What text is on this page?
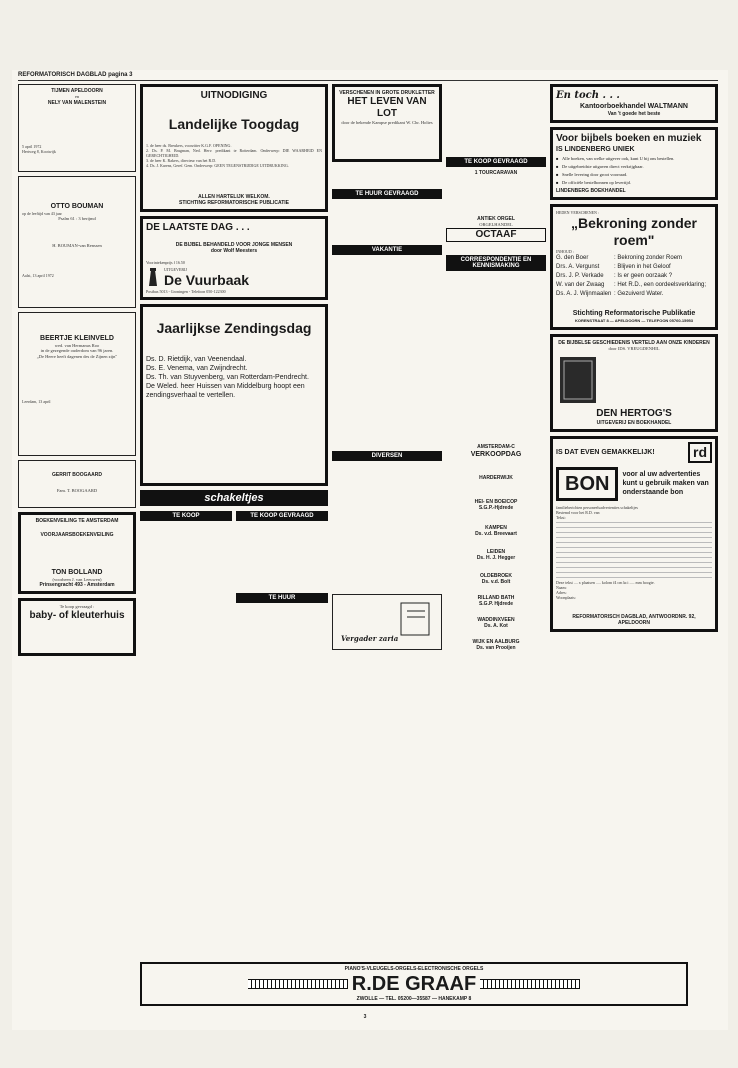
REFORMATORISCH DAGBLAD pagina 3
TIJMEN APELDOORN
en
NELY VAN MALENSTEIN
5 april 1972
Hertweg 8, Kootwijk
OTTO BOUMAN
op de leeftijd van 43 jaar
Psalm 61 : 3 berijmd
H. BOUMAN-van Renssen
Aalst, 13 april 1972
BEERTJE KLEINVELD
wed. van Hermanus Roo
in de gezegende ouderdom van 96 jaren.
„De Heere heeft dagenen des de Zijnen zijn"
Leerdam, 13 april
GERRIT BOOGAARD
Fam. T. BOOGAARD
BOEKENVEILING TE AMSTERDAM
VOORJAARSBOEKENVEILING
TON BOLLAND
(voorheen J. van Leeuwen)
Prinsengracht 493 - Amsterdam
Te koop gevraagd :
baby- of kleuterhuis
UITNODIGING
Landelijke Toogdag
1. de heer ds. Breukers, voorzitter K.G.F. OPENING.
2. Ds. P. M. Brugman, Ned. Herv. predikant te Rotterdam. Onderwerp: DIE WAARHEID EN GERECHTIGHEID.
3. de heer K. Rakers, directeur van het R.D.
4. Ds. J. Karens, Geref. Gem. Onderwerp: GEEN TEGENSTRIJDIGE UITDRUKKING.
ALLEN HARTELIJK WELKOM.
STICHTING REFORMATORISCHE PUBLICATIE
DE LAATSTE DAG . . .
DE BIJBEL BEHANDELD VOOR JONGE MENSEN
door Wolf Meesters
Voorintekenprijs f 16.50
UITGEVERIJ
De Vuurbaak
Postbus 5013 - Groningen - Telefoon 050-122300
Jaarlijkse Zendingsdag
Ds. D. Rietdijk, van Veenendaal.
Ds. E. Venema, van Zwijndrecht.
Ds. Th. van Stuyvenberg, van Rotterdam-Pendrecht.
De Weled. heer Huissen van Middelburg hoopt een zendingsverhaal te vertellen.
schakeltjes
TE KOOP	TE KOOP GEVRAAGD
TE HUUR
VERSCHENEN IN GROTE DRUKLETTER
HET LEVEN VAN LOT
door de bekende Kampse predikant W. Chr. Holtes
TE HUUR GEVRAAGD
VAKANTIE
DIVERSEN
Vergader zaria
TE KOOP GEVRAAGD
1 TOURCARAVAN
ANTIEK ORGEL
ORGELHANDEL
OCTAAF
CORRESPONDENTIE EN KENNISMAKING
AMSTERDAM-C
VERKOOPDAG
HARDERWIJK
HEI- EN BOEICOP
S.G.P.-Hjdrede
KAMPEN
Ds. v.d. Breevaart
LEIDEN
Ds. H. J. Hegger
OLDEBROEK
Ds. v.d. Bolt
RILLAND BATH
S.G.P. Hjdrede
WADDINXVEEN
Ds. A. Kot
WIJK EN AALBURG
Ds. van Prooijen
En toch . . .
Kantoorboekhandel WALTMANN
Van 't goede het beste
Voor bijbels boeken en muziek
IS LINDENBERG UNIEK
■ Alle boeken, van welke uitgever ook, kunt U bij ons bestellen.
■ De uitgebreidste uitgaven direct verkrijgbaar.
■ Snelle levering door groot voorraad.
■ De officiële bestelbonnen op levertijd.
LINDENBERG BOEKHANDEL
HEDEN VERSCHENEN :
„Bekroning zonder roem"
INHOUD :
G. den Boer	: Bekroning zonder Roem
Drs. A. Vergunst	: Blijven in het Geloof
Drs. J. P. Verkade	: Is er geen oorzaak ?
W. van der Zwaag	: Het R.D., een oordeelsverklaring;
Ds. A. J. Wijnmaalen : Gezuiverd Water.
Stichting Reformatorische Publikatie
KORENSTRAAT 8 — APELDOORN — TELEFOON 05760-15953
DE BIJBELSE GESCHIEDENIS VERTELD AAN ONZE KINDEREN
door IDS. VREUGDENHIL
DEN HERTOG'S
UITGEVERIJ EN BOEKHANDEL
IS DAT EVEN GEMAKKELIJK!	rd
BON	voor al uw advertenties kunt u gebruik maken van onderstaande bon
familieberichten personeelsadvertenties schakeltjes
Bestemd voor het R.D. van
Tekst:
Deze tekst .... x plaatsen ..... kolom f4 cm kr.i ..... mm hoogte.
Naam:
Adres:
Woonplaats:
REFORMATORISCH DAGBLAD, ANTWOORDNR. 92, APELDOORN
PIANO'S-VLEUGELS-ORGELS-ELECTRONISCHE ORGELS
R.DE GRAAF
ZWOLLE — TEL. 05200—35587 — HANEKAMP 8
3
